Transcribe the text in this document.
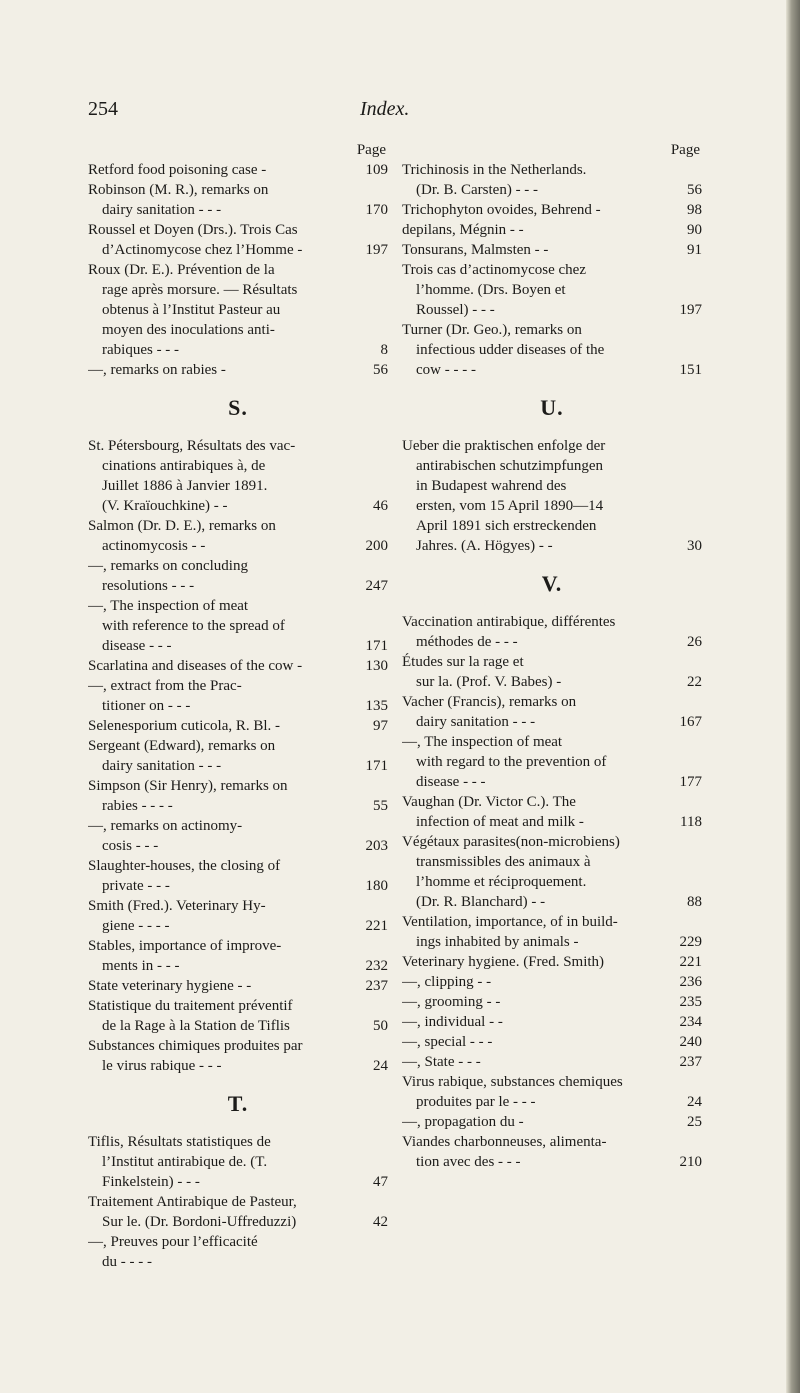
254	Index.
Page
Retford food poisoning case -	109
Robinson (M. R.), remarks on
dairy sanitation - - -	170
Roussel et Doyen (Drs.). Trois Cas
d’Actinomycose chez l’Homme -	197
Roux (Dr. E.). Prévention de la
rage après morsure. — Résultats
obtenus à l’Institut Pasteur au
moyen des inoculations anti-
rabiques - - -	8
—, remarks on rabies -	56
S.
St. Pétersbourg, Résultats des vac-
cinations antirabiques à, de
Juillet 1886 à Janvier 1891.
(V. Kraïouchkine) - -	46
Salmon (Dr. D. E.), remarks on
actinomycosis - -	200
—, remarks on concluding
resolutions - - -	247
—, The inspection of meat
with reference to the spread of
disease - - -	171
Scarlatina and diseases of the cow -	130
—, extract from the Prac-
titioner on - - -	135
Selenesporium cuticola, R. Bl. -	97
Sergeant (Edward), remarks on
dairy sanitation - - -	171
Simpson (Sir Henry), remarks on
rabies - - - -	55
—, remarks on actinomy-
cosis - - -	203
Slaughter-houses, the closing of
private - - -	180
Smith (Fred.). Veterinary Hy-
giene - - - -	221
Stables, importance of improve-
ments in - - -	232
State veterinary hygiene - -	237
Statistique du traitement préventif
de la Rage à la Station de Tiflis	50
Substances chimiques produites par
le virus rabique - - -	24
T.
Tiflis, Résultats statistiques de
l’Institut antirabique de. (T.
Finkelstein) - - -	47
Traitement Antirabique de Pasteur,
Sur le. (Dr. Bordoni-Uffreduzzi)	42
—, Preuves pour l’efficacité
du - - - -
Page
Trichinosis in the Netherlands.
(Dr. B. Carsten) - - -	56
Trichophyton ovoides, Behrend -	98
depilans, Mégnin - -	90
Tonsurans, Malmsten - -	91
Trois cas d’actinomycose chez
l’homme. (Drs. Boyen et
Roussel) - - -	197
Turner (Dr. Geo.), remarks on
infectious udder diseases of the
cow - - - -	151
U.
Ueber die praktischen enfolge der
antirabischen schutzimpfungen
in Budapest wahrend des
ersten, vom 15 April 1890—14
April 1891 sich erstreckenden
Jahres. (A. Högyes) - -	30
V.
Vaccination antirabique, différentes
méthodes de - - -	26
Études sur la rage et
sur la. (Prof. V. Babes) -	22
Vacher (Francis), remarks on
dairy sanitation - - -	167
—, The inspection of meat
with regard to the prevention of
disease - - -	177
Vaughan (Dr. Victor C.). The
infection of meat and milk -	118
Végétaux parasites(non-microbiens)
transmissibles des animaux à
l’homme et réciproquement.
(Dr. R. Blanchard) - -	88
Ventilation, importance, of in build-
ings inhabited by animals -	229
Veterinary hygiene. (Fred. Smith)	221
—, clipping - -	236
—, grooming - -	235
—, individual - -	234
—, special - - -	240
—, State - - -	237
Virus rabique, substances chemiques
produites par le - - -	24
—, propagation du -	25
Viandes charbonneuses, alimenta-
tion avec des - - -	210
